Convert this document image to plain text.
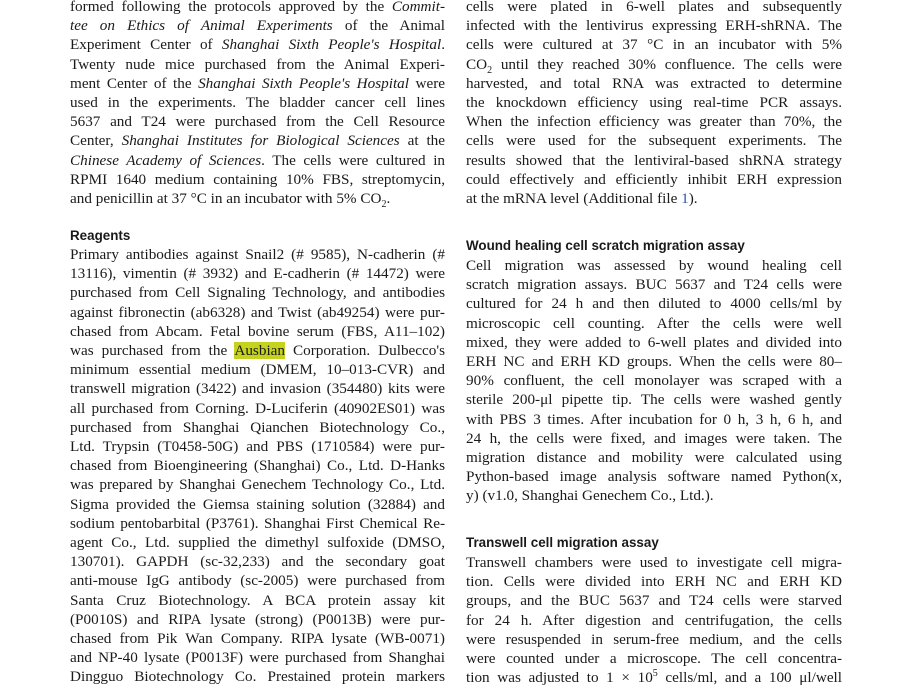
formed following the protocols approved by the Commit-
tee on Ethics of Animal Experiments of the Animal
Experiment Center of Shanghai Sixth People's Hospital.
Twenty nude mice purchased from the Animal Experi-
ment Center of the Shanghai Sixth People's Hospital were
used in the experiments. The bladder cancer cell lines
5637 and T24 were purchased from the Cell Resource
Center, Shanghai Institutes for Biological Sciences at the
Chinese Academy of Sciences. The cells were cultured in
RPMI 1640 medium containing 10% FBS, streptomycin,
and penicillin at 37 °C in an incubator with 5% $CO_2$.

Reagents

Primary antibodies against Snail2 (# 9585), N-cadherin (#
13116), vimentin (# 3932) and E-cadherin (# 14472) were
purchased from Cell Signaling Technology, and antibodies
against fibronectin (ab6328) and Twist (ab49254) were pur-
chased from Abcam. Fetal bovine serum (FBS, A11–102)
was purchased from the Ausbian Corporation. Dulbecco's
minimum essential medium (DMEM, 10–013-CVR) and
transwell migration (3422) and invasion (354480) kits were
all purchased from Corning. D-Luciferin (40902ES01) was
purchased from Shanghai Qianchen Biotechnology Co.,
Ltd. Trypsin (T0458-50G) and PBS (1710584) were pur-
chased from Bioengineering (Shanghai) Co., Ltd. D-Hanks
was prepared by Shanghai Genechem Technology Co., Ltd.
Sigma provided the Giemsa staining solution (32884) and
sodium pentobarbital (P3761). Shanghai First Chemical Re-
agent Co., Ltd. supplied the dimethyl sulfoxide (DMSO,
130701). GAPDH (sc-32,233) and the secondary goat
anti-mouse IgG antibody (sc-2005) were purchased from
Santa Cruz Biotechnology. A BCA protein assay kit
(P0010S) and RIPA lysate (strong) (P0013B) were pur-
chased from Pik Wan Company. RIPA lysate (WB-0071)
and NP-40 lysate (P0013F) were purchased from Shanghai
Dingguo Biotechnology Co. Prestained protein markers

cells were plated in 6-well plates and subsequently
infected with the lentivirus expressing ERH-shRNA. The
cells were cultured at 37 °C in an incubator with 5%
$CO_2$ until they reached 30% confluence. The cells were
harvested, and total RNA was extracted to determine
the knockdown efficiency using real-time PCR assays.
When the infection efficiency was greater than 70%, the
cells were used for the subsequent experiments. The
results showed that the lentiviral-based shRNA strategy
could effectively and efficiently inhibit ERH expression
at the mRNA level (Additional file 1).

Wound healing cell scratch migration assay

Cell migration was assessed by wound healing cell
scratch migration assays. BUC 5637 and T24 cells were
cultured for 24 h and then diluted to 4000 cells/ml by
microscopic cell counting. After the cells were well
mixed, they were added to 6-well plates and divided into
ERH NC and ERH KD groups. When the cells were 80–
90% confluent, the cell monolayer was scraped with a
sterile 200-μl pipette tip. The cells were washed gently
with PBS 3 times. After incubation for 0 h, 3 h, 6 h, and
24 h, the cells were fixed, and images were taken. The
migration distance and mobility were calculated using
Python-based image analysis software named Python(x,
y) (v1.0, Shanghai Genechem Co., Ltd.).

Transwell cell migration assay

Transwell chambers were used to investigate cell migra-
tion. Cells were divided into ERH NC and ERH KD
groups, and the BUC 5637 and T24 cells were starved
for 24 h. After digestion and centrifugation, the cells
were resuspended in serum-free medium, and the cells
were counted under a microscope. The cell concentra-
tion was adjusted to $1 \times 10^5$ cells/ml, and a 100 μl/well
